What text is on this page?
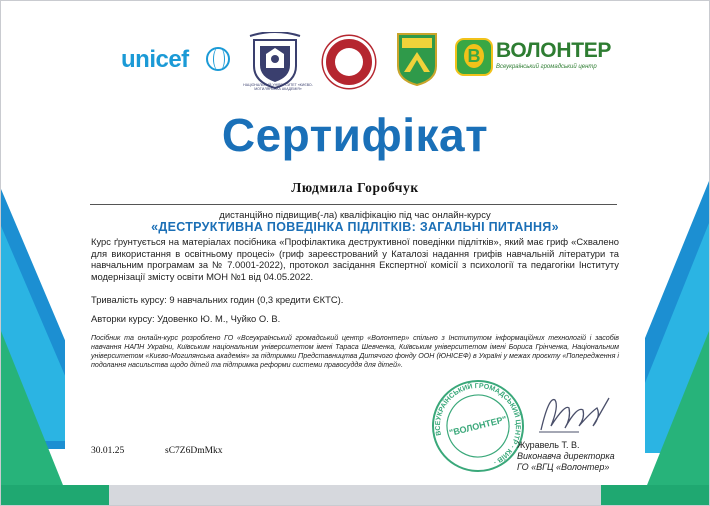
unicef
НАЦІОНАЛЬНИЙ УНІВЕРСИТЕТ «КИЄВО-МОГИЛЯНСЬКА АКАДЕМІЯ»
В ВОЛОНТЕР
Всеукраїнський громадський центр
Сертифікат
Людмила Горобчук
дистанційно підвищив(-ла) кваліфікацію під час онлайн-курсу
«ДЕСТРУКТИВНА ПОВЕДІНКА ПІДЛІТКІВ: ЗАГАЛЬНІ ПИТАННЯ»
Курс ґрунтується на матеріалах посібника «Профілактика деструктивної поведінки підлітків», який має гриф «Схвалено для використання в освітньому процесі» (гриф зареєстрований у Каталозі надання грифів навчальній літератури та навчальним програмам за № 7.0001-2022), протокол засідання Експертної комісії з психології та педагогіки Інституту модернізації змісту освіти МОН №1 від 04.05.2022.
Тривалість курсу: 9 навчальних годин (0,3 кредити ЄКТС).
Авторки курсу: Удовенко Ю. М., Чуйко О. В.
Посібник та онлайн-курс розроблено ГО «Всеукраїнський громадський центр «Волонтер» спільно з Інститутом інформаційних технологій і засобів навчання НАПН України, Київським національним університетом імені Тараса Шевченка, Київським університетом імені Бориса Грінченка, Національним університетом «Києво-Могилянська академія» за підтримки Представництва Дитячого фонду ООН (ЮНІСЕФ) в Україні у межах проєкту «Попередження і подолання насильства щодо дітей та підтримка реформи системи правосуддя для дітей».
ВСЕУКРАЇНСЬКИЙ ГРОМАДСЬКИЙ ЦЕНТР · КИЇВ ·
"ВОЛОНТЕР"
30.01.25	sC7Z6DmMkx
Журавель Т. В.
Виконавча директорка
ГО «ВГЦ «Волонтер»
